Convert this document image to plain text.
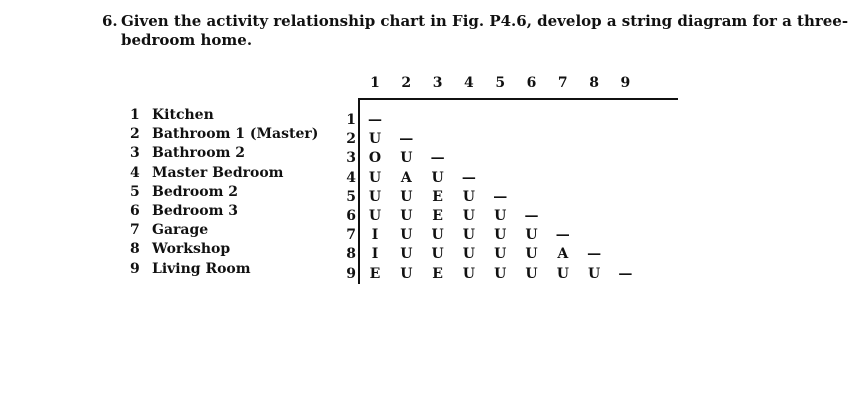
6. Given the activity relationship chart in Fig. P4.6, develop a string diagram for a three-
bedroom home.
1 Kitchen
2 Bathroom 1 (Master)
3 Bathroom 2
4 Master Bedroom
5 Bedroom 2
6 Bedroom 3
7 Garage
8 Workshop
9 Living Room
1 2 3 4 5 6 7 8 9
1
2
3
4
5
6
7
8
9
—
U —
O U —
U A U —
U U E U —
U U E U U —
I	U U U U U —
I	U U U U U A —
E U E U U U U U —
